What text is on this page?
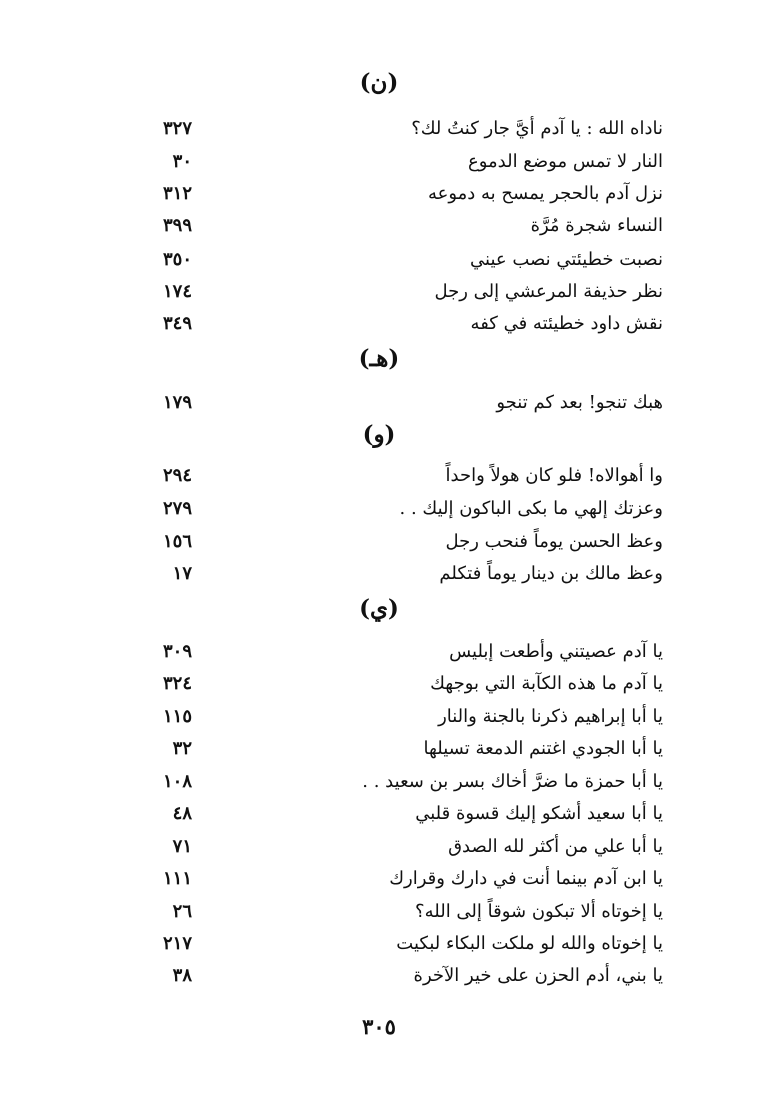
(ن)
ناداه الله : يا آدم أيَّ جار كنتُ لك؟
٣٢٧
النار لا تمس موضع الدموع
٣٠
نزل آدم بالحجر يمسح به دموعه
٣١٢
النساء شجرة مُرَّة
٣٩٩
نصبت خطيئتي نصب عيني
٣٥٠
نظر حذيفة المرعشي إلى رجل
١٧٤
نقش داود خطيئته في كفه
٣٤٩
(هـ)
هبك تنجو! بعد كم تنجو
١٧٩
(و)
وا أهوالاه! فلو كان هولاً واحداً
٢٩٤
وعزتك إلهي ما بكى الباكون إليك . .
٢٧٩
وعظ الحسن يوماً فنحب رجل
١٥٦
وعظ مالك بن دينار يوماً فتكلم
١٧
(ي)
يا آدم عصيتني وأطعت إبليس
٣٠٩
يا آدم ما هذه الكآبة التي بوجهك
٣٢٤
يا أبا إبراهيم ذكرنا بالجنة والنار
١١٥
يا أبا الجودي اغتنم الدمعة تسيلها
٣٢
يا أبا حمزة ما ضرَّ أخاك بسر بن سعيد . .
١٠٨
يا أبا سعيد أشكو إليك قسوة قلبي
٤٨
يا أبا علي من أكثر لله الصدق
٧١
يا ابن آدم بينما أنت في دارك وقرارك
١١١
يا إخوتاه ألا تبكون شوقاً إلى الله؟
٢٦
يا إخوتاه والله لو ملكت البكاء لبكيت
٢١٧
يا بني، أدم الحزن على خير الآخرة
٣٨
٣٠٥
